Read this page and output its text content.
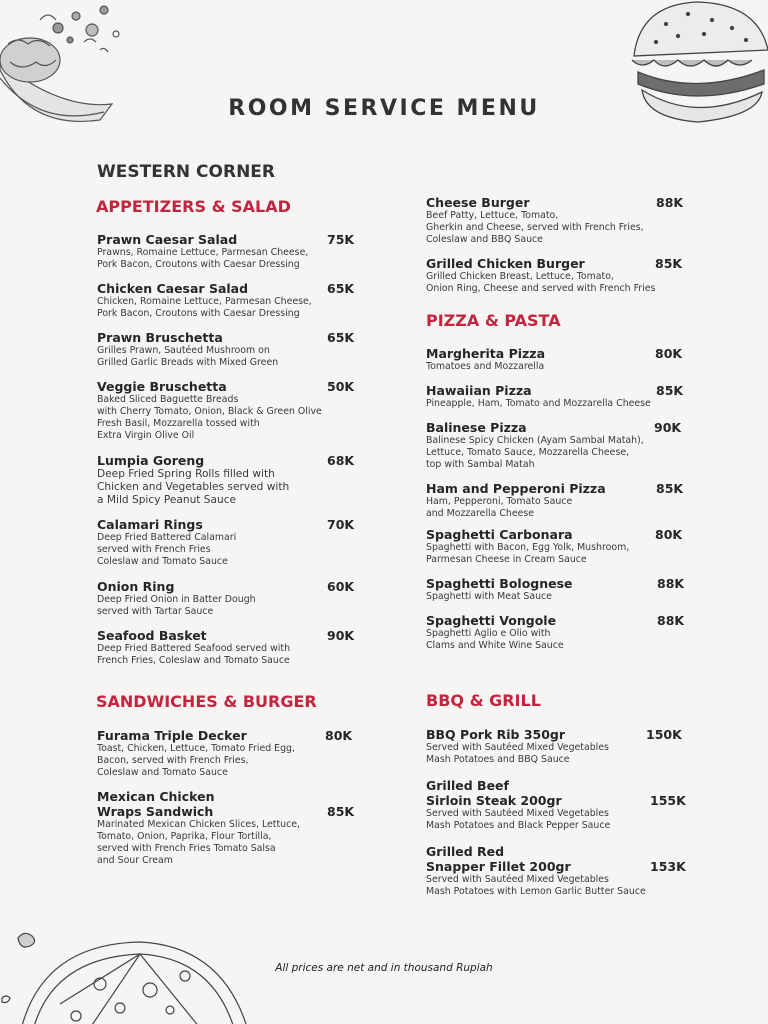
ROOM SERVICE MENU
WESTERN CORNER
APPETIZERS & SALAD
SANDWICHES & BURGER
PIZZA & PASTA
BBQ & GRILL
Prawn Caesar Salad	75K
Prawns, Romaine Lettuce, Parmesan Cheese,
Pork Bacon, Croutons with Caesar Dressing
Chicken Caesar Salad	65K
Chicken, Romaine Lettuce, Parmesan Cheese,
Pork Bacon, Croutons with Caesar Dressing
Prawn Bruschetta	65K
Grilles Prawn, Sautéed Mushroom on
Grilled Garlic Breads with Mixed Green
Veggie Bruschetta	50K
Baked Sliced Baguette Breads
with Cherry Tomato, Onion, Black & Green Olive
Fresh Basil, Mozzarella tossed with
Extra Virgin Olive Oil
Lumpia Goreng	68K
Deep Fried Spring Rolls filled with
Chicken and Vegetables served with
a Mild Spicy Peanut Sauce
Calamari Rings	70K
Deep Fried Battered Calamari
served with French Fries
Coleslaw and Tomato Sauce
Onion Ring	60K
Deep Fried Onion in Batter Dough
served with Tartar Sauce
Seafood Basket	90K
Deep Fried Battered Seafood served with
French Fries, Coleslaw and Tomato Sauce
Furama Triple Decker	80K
Toast, Chicken, Lettuce, Tomato Fried Egg,
Bacon, served with French Fries,
Coleslaw and Tomato Sauce
Mexican Chicken
Wraps Sandwich	85K
Marinated Mexican Chicken Slices, Lettuce,
Tomato, Onion, Paprika, Flour Tortilla,
served with French Fries Tomato Salsa
and Sour Cream
Cheese Burger	88K
Beef Patty, Lettuce, Tomato,
Gherkin and Cheese, served with French Fries,
Coleslaw and BBQ Sauce
Grilled Chicken Burger	85K
Grilled Chicken Breast, Lettuce, Tomato,
Onion Ring, Cheese and served with French Fries
Margherita Pizza	80K
Tomatoes and Mozzarella
Hawaiian Pizza	85K
Pineapple, Ham, Tomato and Mozzarella Cheese
Balinese Pizza	90K
Balinese Spicy Chicken (Ayam Sambal Matah),
Lettuce, Tomato Sauce, Mozzarella Cheese,
top with Sambal Matah
Ham and Pepperoni Pizza	85K
Ham, Pepperoni, Tomato Sauce
and Mozzarella Cheese
Spaghetti Carbonara	80K
Spaghetti with Bacon, Egg Yolk, Mushroom,
Parmesan Cheese in Cream Sauce
Spaghetti Bolognese	88K
Spaghetti with Meat Sauce
Spaghetti Vongole	88K
Spaghetti Aglio e Olio with
Clams and White Wine Sauce
BBQ Pork Rib 350gr	150K
Served with Sautéed Mixed Vegetables
Mash Potatoes and BBQ Sauce
Grilled Beef
Sirloin Steak 200gr	155K
Served with Sautéed Mixed Vegetables
Mash Potatoes and Black Pepper Sauce
Grilled Red
Snapper Fillet 200gr	153K
Served with Sautéed Mixed Vegetables
Mash Potatoes with Lemon Garlic Butter Sauce
All prices are net and in thousand Rupiah
